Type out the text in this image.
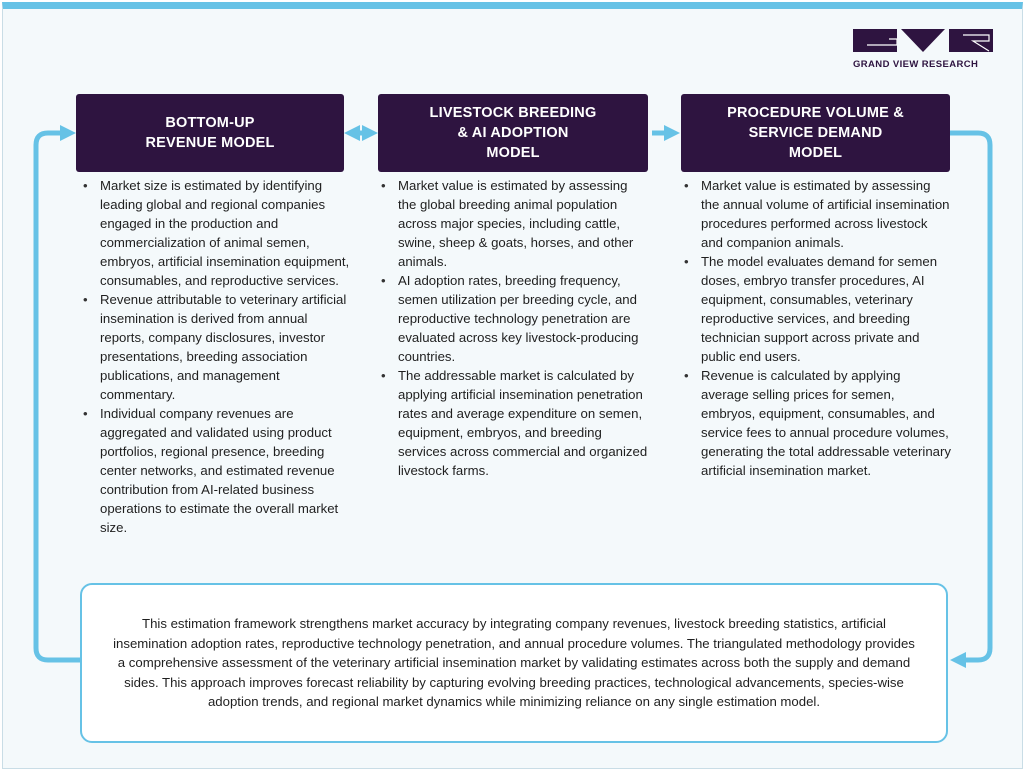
GRAND VIEW RESEARCH
BOTTOM-UP
REVENUE MODEL
LIVESTOCK BREEDING
& AI ADOPTION
MODEL
PROCEDURE VOLUME &
SERVICE DEMAND
MODEL
• Market size is estimated by identifying leading global and regional companies engaged in the production and commercialization of animal semen, embryos, artificial insemination equipment, consumables, and reproductive services.
• Revenue attributable to veterinary artificial insemination is derived from annual reports, company disclosures, investor presentations, breeding association publications, and management commentary.
• Individual company revenues are aggregated and validated using product portfolios, regional presence, breeding center networks, and estimated revenue contribution from AI-related business operations to estimate the overall market size.
• Market value is estimated by assessing the global breeding animal population across major species, including cattle, swine, sheep & goats, horses, and other animals.
• AI adoption rates, breeding frequency, semen utilization per breeding cycle, and reproductive technology penetration are evaluated across key livestock-producing countries.
• The addressable market is calculated by applying artificial insemination penetration rates and average expenditure on semen, equipment, embryos, and breeding services across commercial and organized livestock farms.
• Market value is estimated by assessing the annual volume of artificial insemination procedures performed across livestock and companion animals.
• The model evaluates demand for semen doses, embryo transfer procedures, AI equipment, consumables, veterinary reproductive services, and breeding technician support across private and public end users.
• Revenue is calculated by applying average selling prices for semen, embryos, equipment, consumables, and service fees to annual procedure volumes, generating the total addressable veterinary artificial insemination market.

This estimation framework strengthens market accuracy by integrating company revenues, livestock breeding statistics, artificial insemination adoption rates, reproductive technology penetration, and annual procedure volumes. The triangulated methodology provides a comprehensive assessment of the veterinary artificial insemination market by validating estimates across both the supply and demand sides. This approach improves forecast reliability by capturing evolving breeding practices, technological advancements, species-wise adoption trends, and regional market dynamics while minimizing reliance on any single estimation model.
